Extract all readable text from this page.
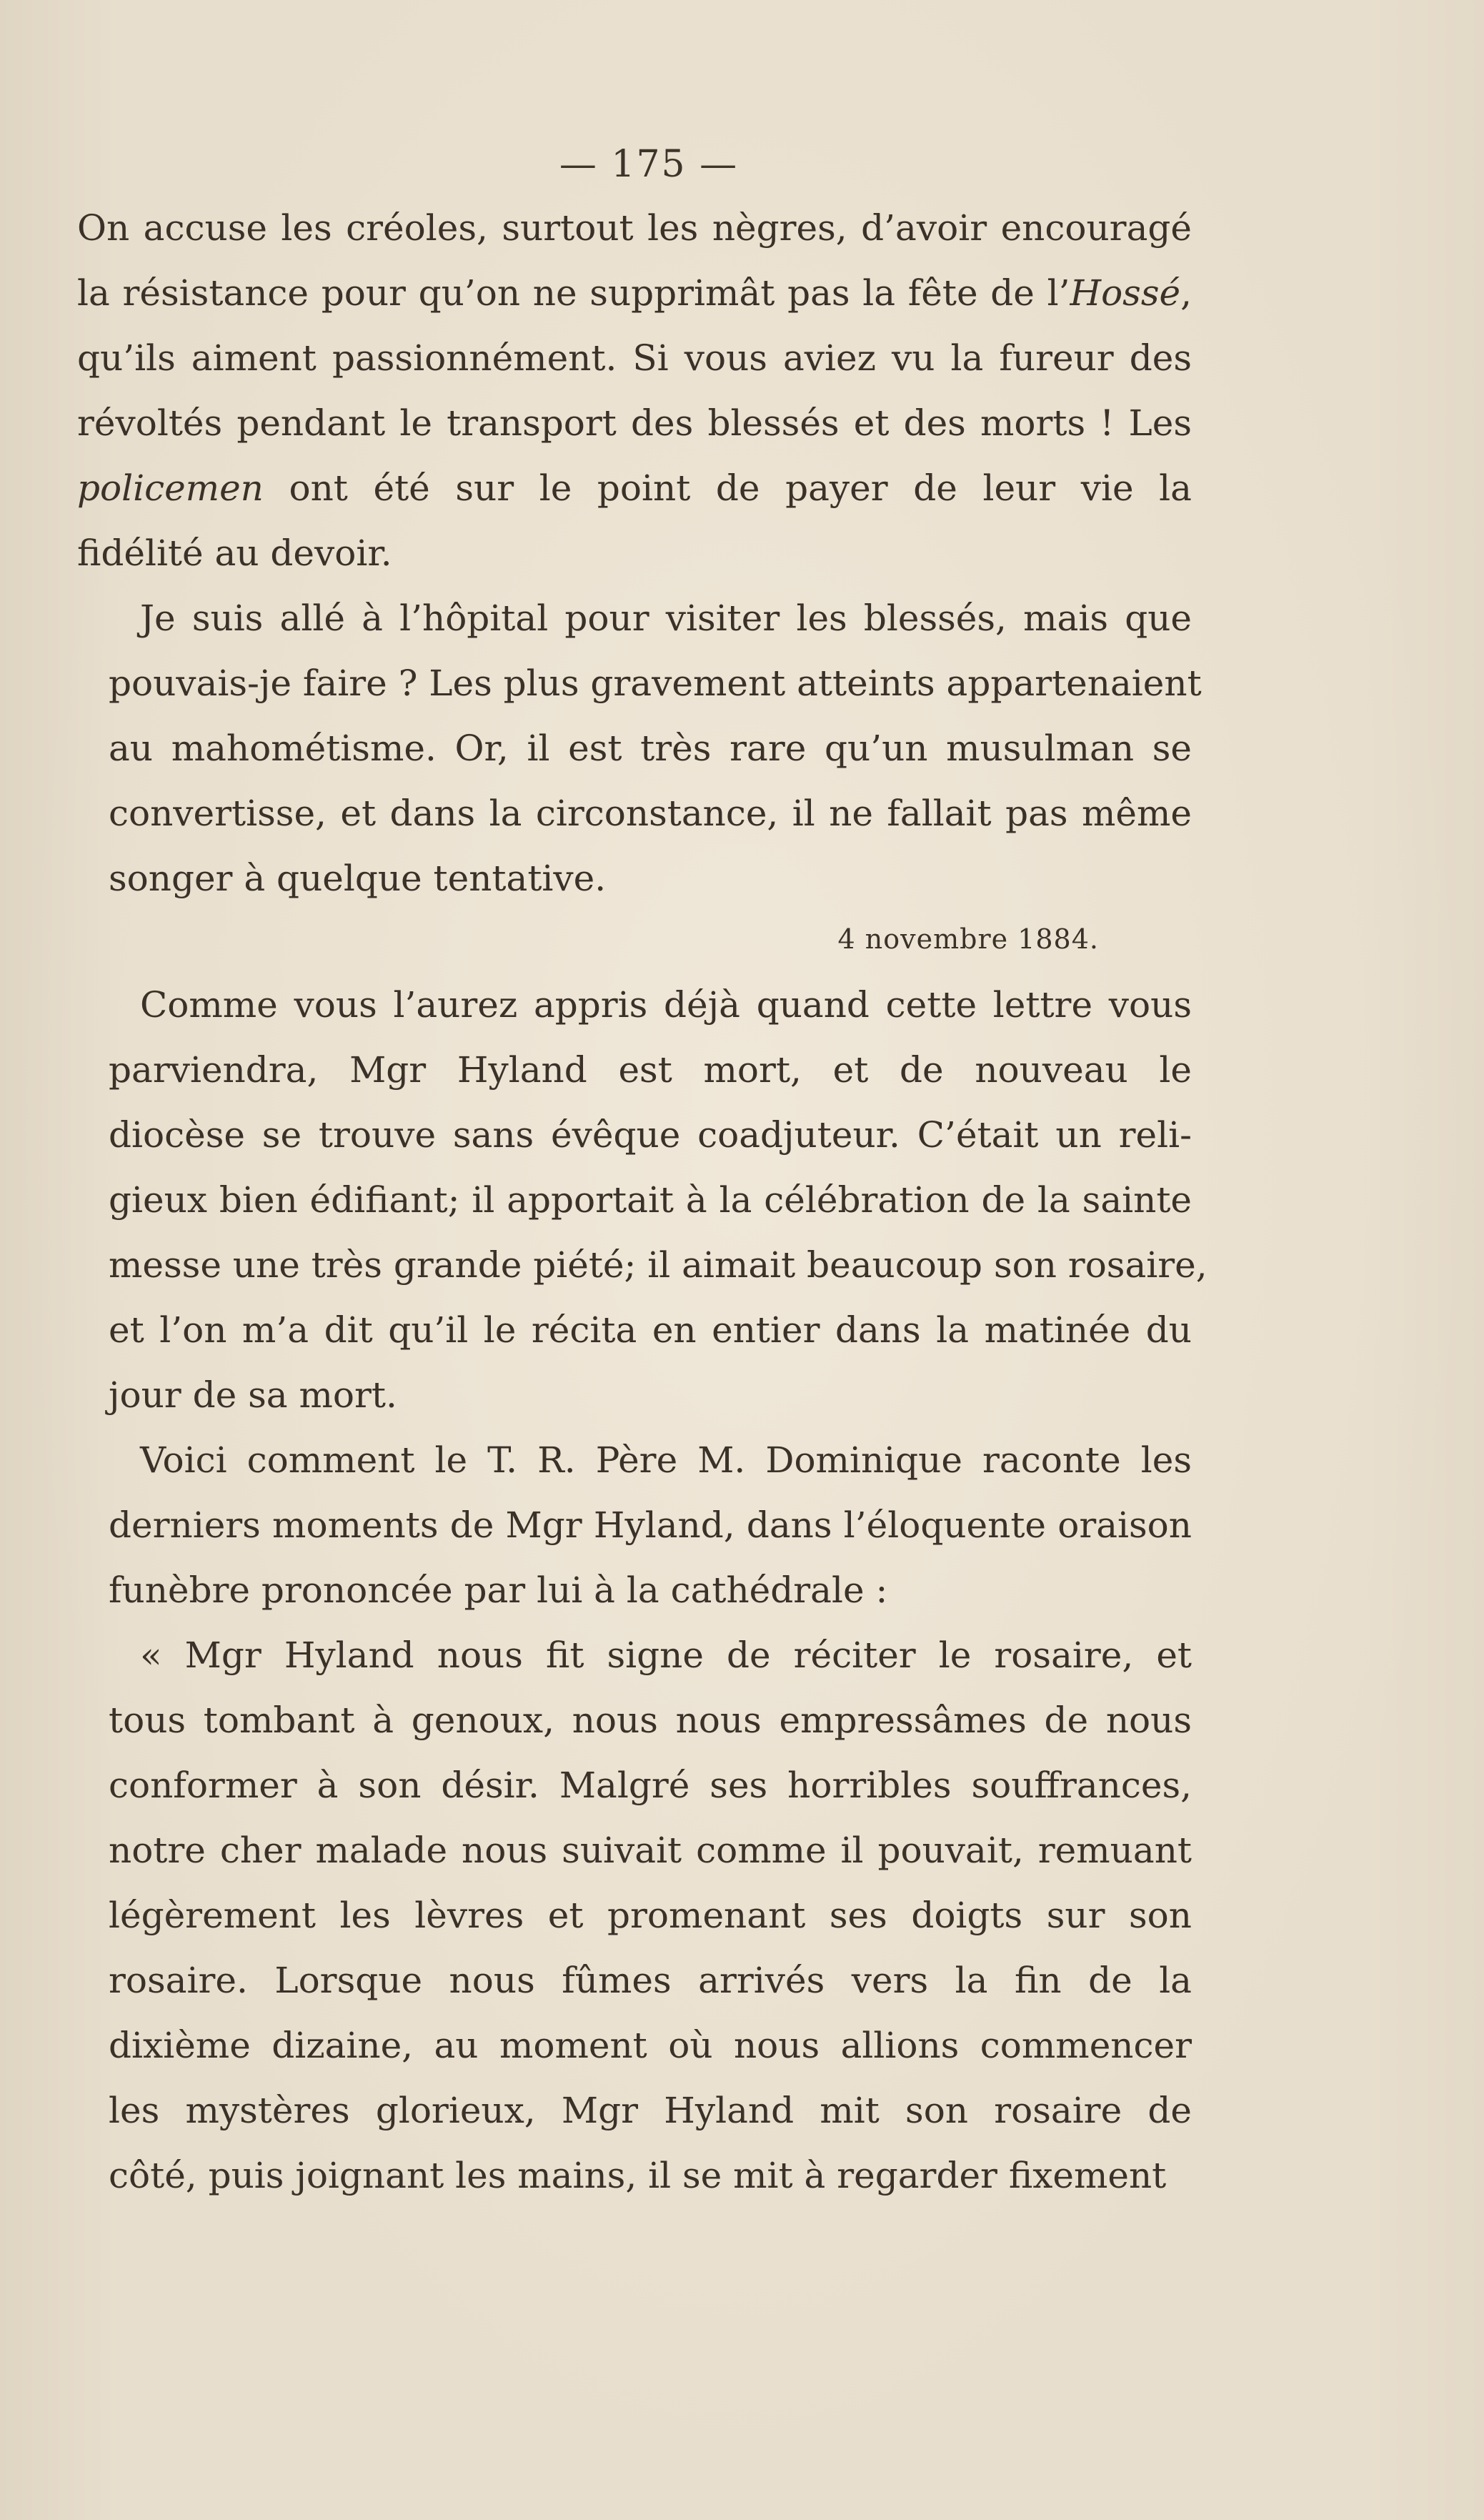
— 175 —
On accuse les créoles, surtout les nègres, d’avoir encouragé
la résistance pour qu’on ne supprimât pas la fête de l’Hossé,
qu’ils aiment passionnément. Si vous aviez vu la fureur des
révoltés pendant le transport des blessés et des morts ! Les
policemen ont été sur le point de payer de leur vie la
fidélité au devoir.
Je suis allé à l’hôpital pour visiter les blessés, mais que
pouvais-je faire ? Les plus gravement atteints appartenaient
au mahométisme. Or, il est très rare qu’un musulman se
convertisse, et dans la circonstance, il ne fallait pas même
songer à quelque tentative.
4 novembre 1884.
Comme vous l’aurez appris déjà quand cette lettre vous
parviendra, Mgr Hyland est mort, et de nouveau le
diocèse se trouve sans évêque coadjuteur. C’était un reli-
gieux bien édifiant; il apportait à la célébration de la sainte
messe une très grande piété; il aimait beaucoup son rosaire,
et l’on m’a dit qu’il le récita en entier dans la matinée du
jour de sa mort.
Voici comment le T. R. Père M. Dominique raconte les
derniers moments de Mgr Hyland, dans l’éloquente oraison
funèbre prononcée par lui à la cathédrale :
« Mgr Hyland nous fit signe de réciter le rosaire, et
tous tombant à genoux, nous nous empressâmes de nous
conformer à son désir. Malgré ses horribles souffrances,
notre cher malade nous suivait comme il pouvait, remuant
légèrement les lèvres et promenant ses doigts sur son
rosaire. Lorsque nous fûmes arrivés vers la fin de la
dixième dizaine, au moment où nous allions commencer
les mystères glorieux, Mgr Hyland mit son rosaire de
côté, puis joignant les mains, il se mit à regarder fixement
